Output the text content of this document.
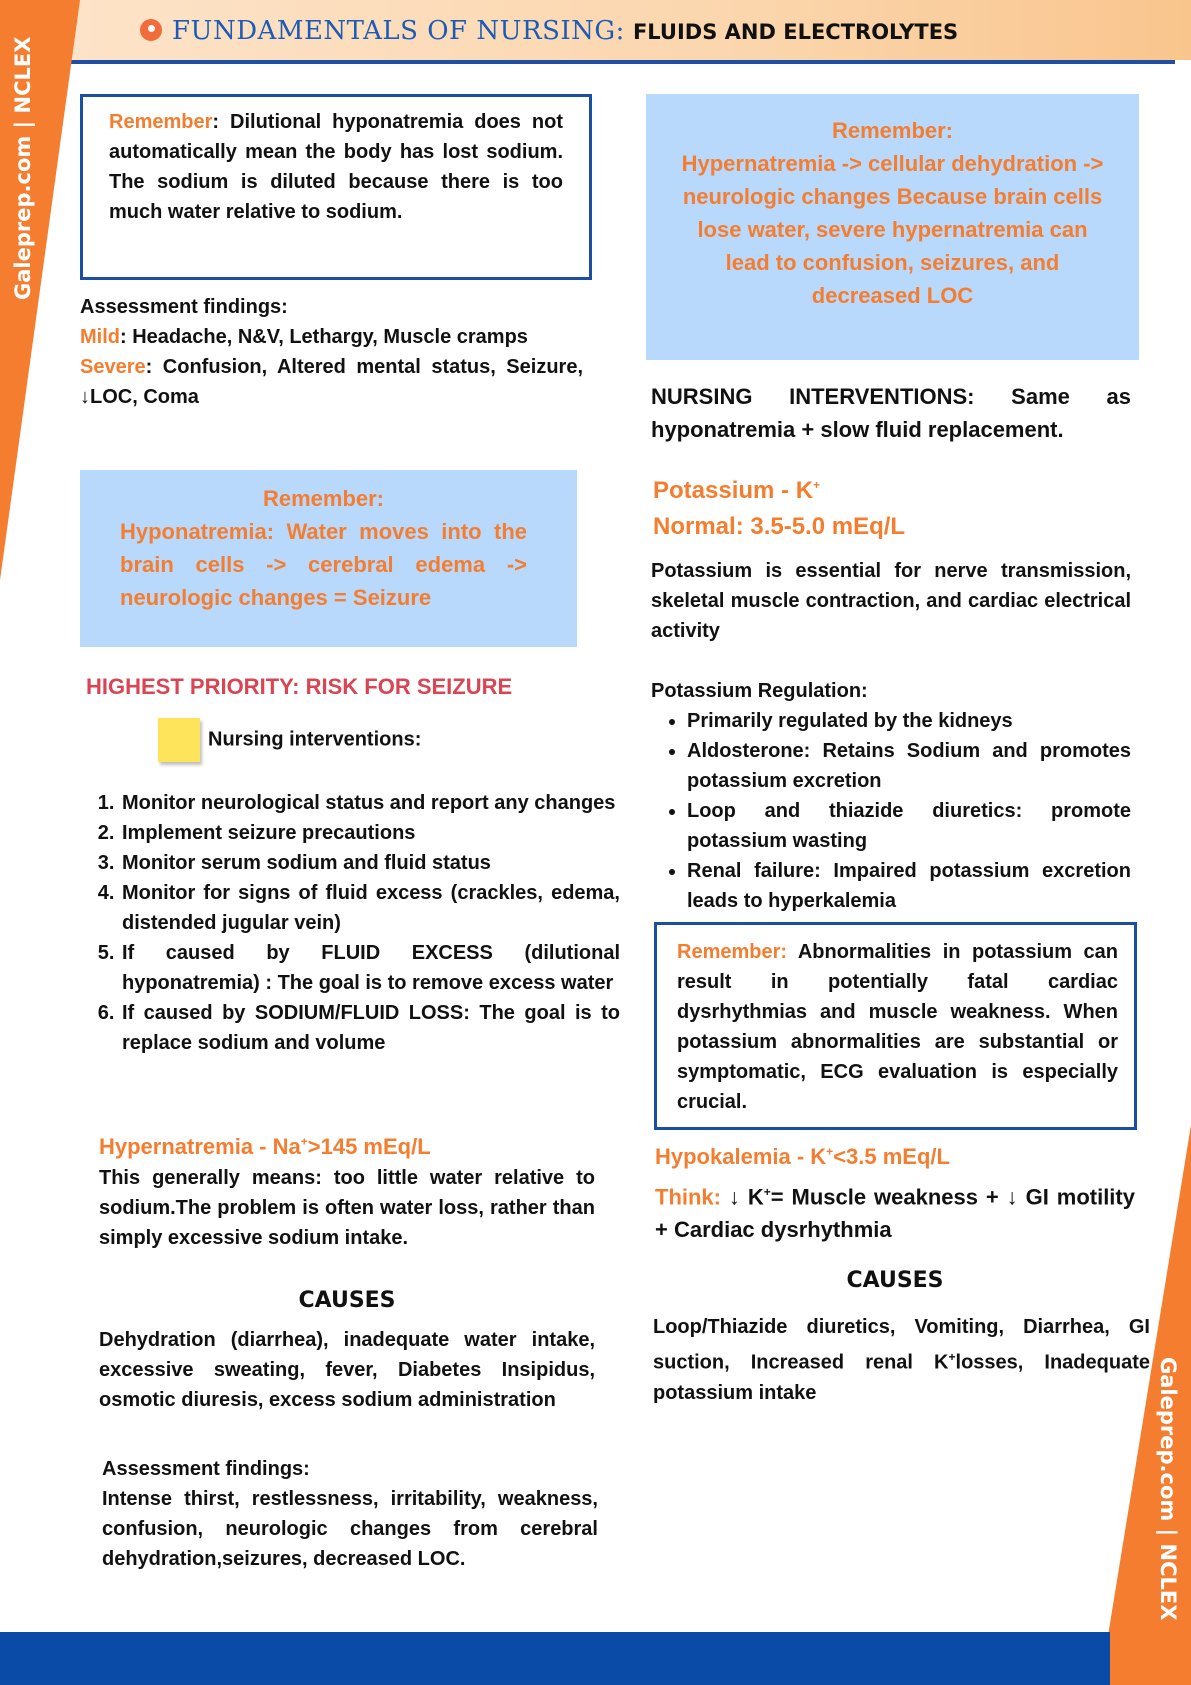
FUNDAMENTALS OF NURSING: FLUIDS AND ELECTROLYTES
Galeprep.com | NCLEX
Galeprep.com | NCLEX

Remember: Dilutional hyponatremia does not automatically mean the body has lost sodium. The sodium is diluted because there is too much water relative to sodium.

Assessment findings:

Mild: Headache, N&V, Lethargy, Muscle cramps

Severe: Confusion, Altered mental status, Seizure, ↓LOC, Coma

Remember:

Hyponatremia: Water moves into the brain cells -> cerebral edema -> neurologic changes = Seizure

HIGHEST PRIORITY: RISK FOR SEIZURE
Nursing interventions:
1. Monitor neurological status and report any changes
2. Implement seizure precautions
3. Monitor serum sodium and fluid status
4. Monitor for signs of fluid excess (crackles, edema, distended jugular vein)
5. If caused by FLUID EXCESS (dilutional hyponatremia) : The goal is to remove excess water
6. If caused by SODIUM/FLUID LOSS: The goal is to replace sodium and volume
Hypernatremia - Na+>145 mEq/L

This generally means: too little water relative to sodium.The problem is often water loss, rather than simply excessive sodium intake.

CAUSES

Dehydration (diarrhea), inadequate water intake, excessive sweating, fever, Diabetes Insipidus, osmotic diuresis, excess sodium administration

Assessment findings:

Intense thirst, restlessness, irritability, weakness, confusion, neurologic changes from cerebral dehydration,seizures, decreased LOC.

Remember:

Hypernatremia -> cellular dehydration -> neurologic changes Because brain cells lose water, severe hypernatremia can lead to confusion, seizures, and decreased LOC

NURSING INTERVENTIONS: Same as hyponatremia + slow fluid replacement.

Potassium - K+
Normal: 3.5-5.0 mEq/L

Potassium is essential for nerve transmission, skeletal muscle contraction, and cardiac electrical activity

Potassium Regulation:

• Primarily regulated by the kidneys
• Aldosterone: Retains Sodium and promotes potassium excretion
• Loop and thiazide diuretics: promote potassium wasting
• Renal failure: Impaired potassium excretion leads to hyperkalemia

Remember: Abnormalities in potassium can result in potentially fatal cardiac dysrhythmias and muscle weakness. When potassium abnormalities are substantial or symptomatic, ECG evaluation is especially crucial.

Hypokalemia - K+<3.5 mEq/L

Think: ↓ K+= Muscle weakness + ↓ GI motility + Cardiac dysrhythmia

CAUSES

Loop/Thiazide diuretics, Vomiting, Diarrhea, GI suction, Increased renal K+losses, Inadequate potassium intake
